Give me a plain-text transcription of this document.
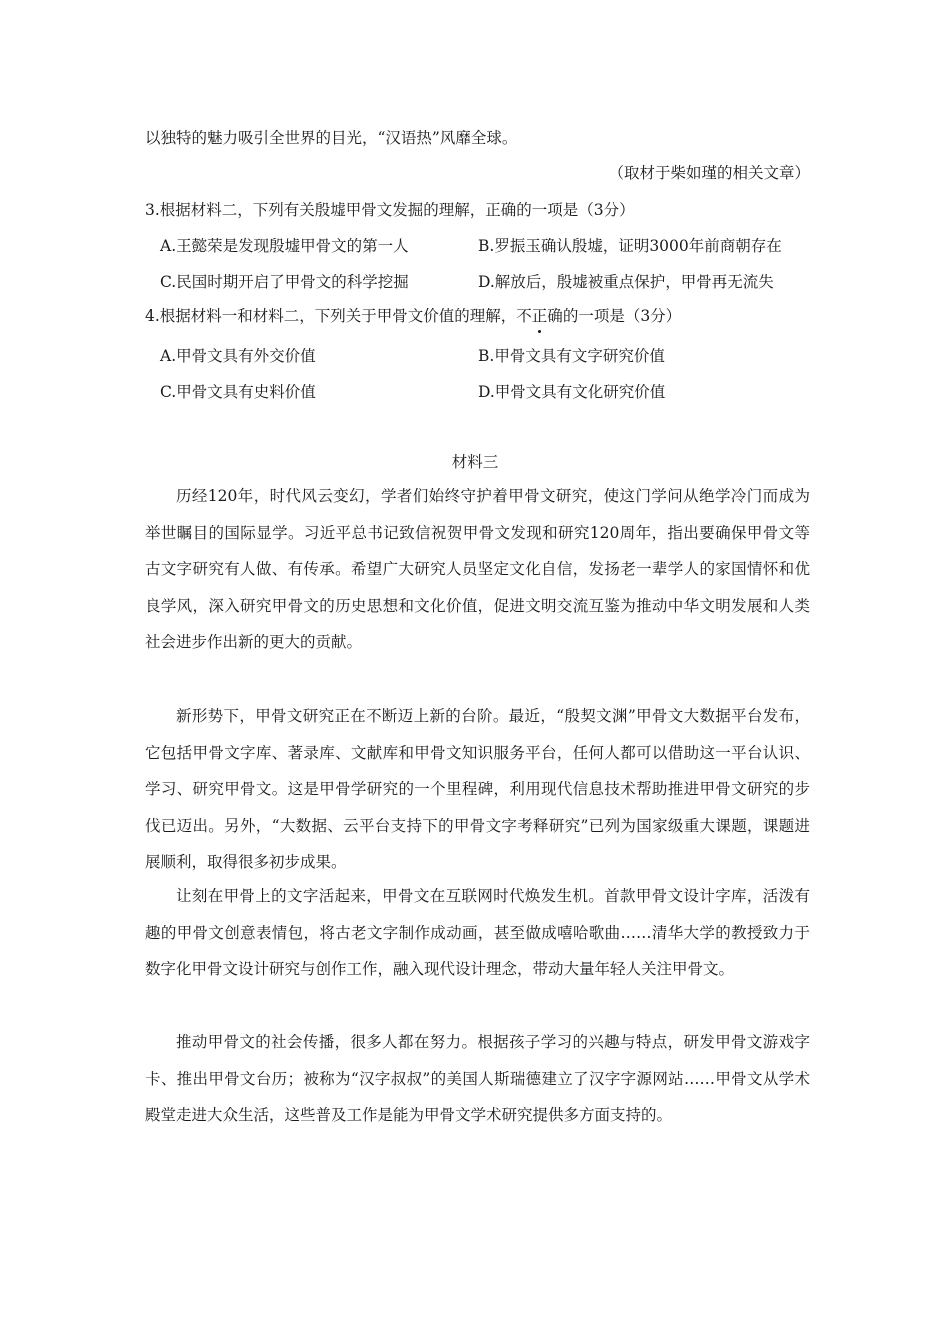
以独特的魅力吸引全世界的目光，“汉语热”风靡全球。
（取材于柴如瑾的相关文章）
3.根据材料二，下列有关殷墟甲骨文发掘的理解，正确的一项是（3分）
A.王懿荣是发现殷墟甲骨文的第一人	B.罗振玉确认殷墟，证明3000年前商朝存在
C.民国时期开启了甲骨文的科学挖掘	D.解放后，殷墟被重点保护，甲骨再无流失
4.根据材料一和材料二，下列关于甲骨文价值的理解，不正确的一项是（3分）
A.甲骨文具有外交价值	B.甲骨文具有文字研究价值
C.甲骨文具有史料价值	D.甲骨文具有文化研究价值
材料三

历经120年，时代风云变幻，学者们始终守护着甲骨文研究，使这门学问从绝学冷门而成为举世瞩目的国际显学。习近平总书记致信祝贺甲骨文发现和研究120周年，指出要确保甲骨文等古文字研究有人做、有传承。希望广大研究人员坚定文化自信，发扬老一辈学人的家国情怀和优良学风，深入研究甲骨文的历史思想和文化价值，促进文明交流互鉴为推动中华文明发展和人类社会进步作出新的更大的贡献。

新形势下，甲骨文研究正在不断迈上新的台阶。最近，“殷契文渊”甲骨文大数据平台发布，它包括甲骨文字库、著录库、文献库和甲骨文知识服务平台，任何人都可以借助这一平台认识、学习、研究甲骨文。这是甲骨学研究的一个里程碑，利用现代信息技术帮助推进甲骨文研究的步伐已迈出。另外，“大数据、云平台支持下的甲骨文字考释研究”已列为国家级重大课题，课题进展顺利，取得很多初步成果。

让刻在甲骨上的文字活起来，甲骨文在互联网时代焕发生机。首款甲骨文设计字库，活泼有趣的甲骨文创意表情包，将古老文字制作成动画，甚至做成嘻哈歌曲……清华大学的教授致力于数字化甲骨文设计研究与创作工作，融入现代设计理念，带动大量年轻人关注甲骨文。

推动甲骨文的社会传播，很多人都在努力。根据孩子学习的兴趣与特点，研发甲骨文游戏字卡、推出甲骨文台历；被称为“汉字叔叔”的美国人斯瑞德建立了汉字字源网站……甲骨文从学术殿堂走进大众生活，这些普及工作是能为甲骨文学术研究提供多方面支持的。
